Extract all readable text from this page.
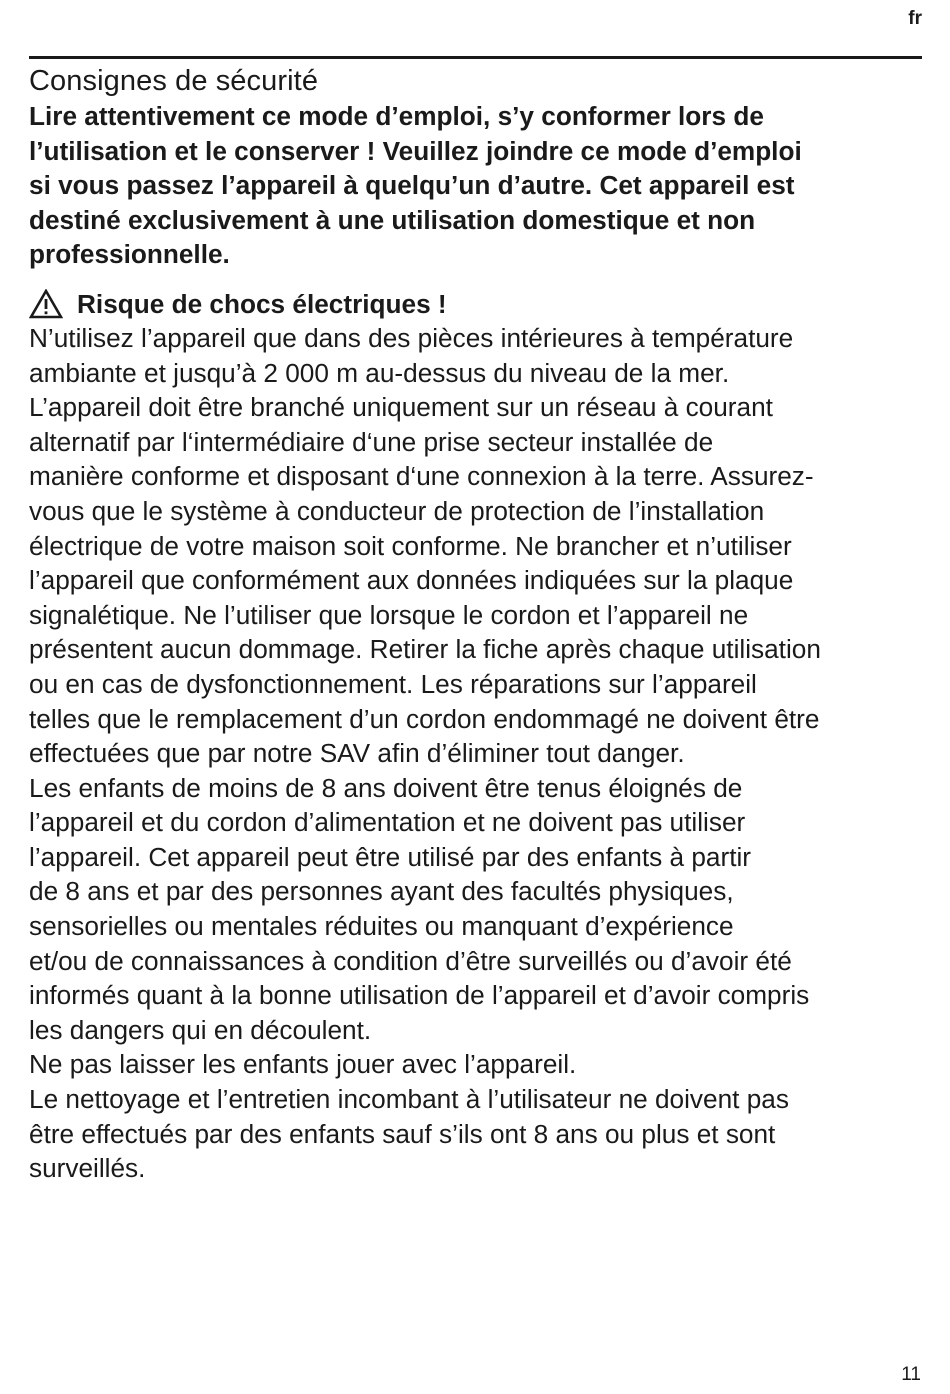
fr
Consignes de sécurité

Lire attentivement ce mode d’emploi, s’y conformer lors de
l’utilisation et le conserver ! Veuillez joindre ce mode d’emploi
si vous passez l’appareil à quelqu’un d’autre. Cet appareil est
destiné exclusivement à une utilisation domestique et non
professionnelle.

Risque de chocs électriques !

N’utilisez l’appareil que dans des pièces intérieures à température
ambiante et jusqu’à 2 000 m au-dessus du niveau de la mer.
L’appareil doit être branché uniquement sur un réseau à courant
alternatif par l‘intermédiaire d‘une prise secteur installée de
manière conforme et disposant d‘une connexion à la terre. Assurez-
vous que le système à conducteur de protection de l’installation
électrique de votre maison soit conforme. Ne brancher et n’utiliser
l’appareil que conformément aux données indiquées sur la plaque
signalétique. Ne l’utiliser que lorsque le cordon et l’appareil ne
présentent aucun dommage. Retirer la fiche après chaque utilisation
ou en cas de dysfonctionnement. Les réparations sur l’appareil
telles que le remplacement d’un cordon endommagé ne doivent être
effectuées que par notre SAV afin d’éliminer tout danger.

Les enfants de moins de 8 ans doivent être tenus éloignés de
l’appareil et du cordon d’alimentation et ne doivent pas utiliser
l’appareil. Cet appareil peut être utilisé par des enfants à partir
de 8 ans et par des personnes ayant des facultés physiques,
sensorielles ou mentales réduites ou manquant d’expérience
et/ou de connaissances à condition d’être surveillés ou d’avoir été
informés quant à la bonne utilisation de l’appareil et d’avoir compris
les dangers qui en découlent.

Ne pas laisser les enfants jouer avec l’appareil.

Le nettoyage et l’entretien incombant à l’utilisateur ne doivent pas
être effectués par des enfants sauf s’ils ont 8 ans ou plus et sont
surveillés.

11
